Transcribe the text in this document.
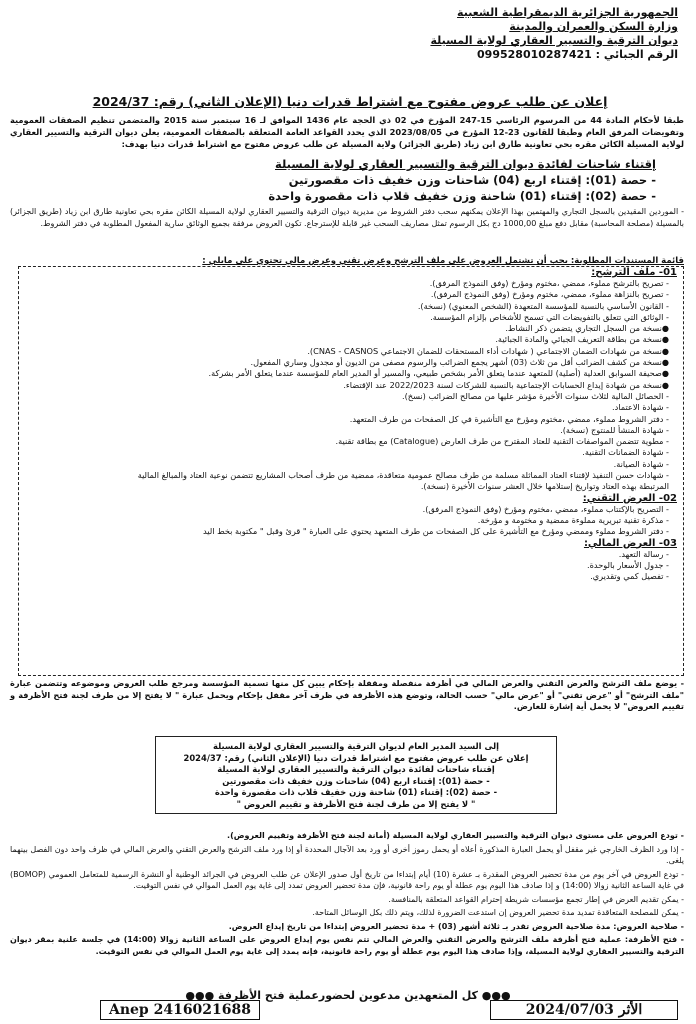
الجمهورية الجزائرية الديمقراطية الشعبية
وزارة السكن والعمران والمدينة
ديوان الترقية والتسيير العقاري لولاية المسيلة
الرقم الجبائي : 099528010287421
إعلان عن طلب عروض مفتوح مع اشتراط قدرات دنيا (الإعلان الثاني) رقم: 2024/37
طبقا لأحكام المادة 44 من المرسوم الرئاسي 15-247 المؤرخ في 02 ذي الحجة عام 1436 الموافق لـ 16 سبتمبر سنة 2015 والمتضمن تنظيم الصفقات العمومية وتفويضات المرفق العام وطبقا للقانون 23-12 المؤرخ في 2023/08/05 الذي يحدد القواعد العامة المتعلقة بالصفقات العمومية، يعلن ديوان الترقية والتسيير العقاري لولاية المسيلة الكائن مقره بحي تعاونية طارق ابن زياد (طريق الجزائر) ولاية المسيلة عن طلب عروض مفتوح مع اشتراط قدرات دنيا بهدف:
إقتناء شاحنات لفائدة ديوان الترقية والتسيير العقاري لولاية المسيلة
- حصة (01): إقتناء اربع (04) شاحنات وزن خفيف ذات مقصورتين
- حصة (02): إقتناء (01) شاحنة وزن خفيف قلاب ذات مقصورة واحدة
- الموردين المقيدين بالسجل التجاري والمهتمين بهذا الإعلان يمكنهم سحب دفتر الشروط من مديرية ديوان الترقية والتسيير العقاري لولاية المسيلة الكائن مقره بحي تعاونية طارق ابن زياد (طريق الجزائر) بالمسيلة (مصلحة المحاسبة) مقابل دفع مبلغ 1000,00 دج بكل الرسوم تمثل مصاريف السحب غير قابلة للإسترجاع. تكون العروض مرفقة بجميع الوثائق سارية المفعول المطلوبة في دفتر الشروط.
قائمة المستندات المطلوبة: يجب أن تشتمل العروض على ملف الترشح وعرض تقني وعرض مالي تحتوي على مايلي :
01- ملف الترشح:
- تصريح بالترشح مملوء، ممضي ،مختوم ومؤرخ (وفق النموذج المرفق).
- تصريح بالنزاهة مملوء، ممضي، مختوم ومؤرخ (وفق النموذج المرفق).
- القانون الأساسي بالنسبة للمؤسسة المتعهدة (الشخص المعنوي) (نسخة).
- الوثائق التي تتعلق بالتفويضات التي تسمح للأشخاص بإلزام المؤسسة.
●نسخة من السجل التجاري يتضمن ذكر النشاط.
●نسخة من بطاقة التعريف الجبائي والمادة الجبائية.
●نسخة من شهادات الضمان الاجتماعي ( شهادات أداء المستحقات للضمان الاجتماعي CNAS - CASNOS).
●نسخة من كشف الضرائب أقل من ثلاث (03) أشهر يجمع الضرائب والرسوم مصفى من الديون أو مجدول وساري المفعول.
●صحيفة السوابق العدلية (أصلية) للمتعهد عندما يتعلق الأمر بشخص طبيعي، والمسير أو المدير العام للمؤسسة عندما يتعلق الأمر بشركة.
●نسخة من شهادة إيداع الحسابات الإجتماعية بالنسبة للشركات لسنة 2022/2023 عند الإقتضاء.
- الحصائل المالية لثلاث سنوات الأخيرة مؤشر عليها من مصالح الضرائب (نسخ).
- شهادة الاعتماد.
- دفتر الشروط مملوء، ممضي ،مختوم ومؤرخ مع التأشيرة في كل الصفحات من طرف المتعهد.
- شهادة المنشأ للمنتوج (نسخة).
- مطوية تتضمن المواصفات التقنية للعتاد المقترح من طرف العارض (Catalogue) مع بطاقة تقنية.
- شهادة الضمانات التقنية.
- شهادة الصيانة.
- شهادات حسن التنفيذ لإقتناء العتاد المماثلة مسلمة من طرف مصالح عمومية متعاقدة، ممضية من طرف أصحاب المشاريع تتضمن نوعية العتاد والمبالغ المالية
المرتبطة بهذه العتاد وتواريخ إستلامها خلال العشر سنوات الأخيرة (نسخة).
02- العرض التقني:
- التصريح بالإكتتاب مملوء، ممضي ،مختوم ومؤرخ (وفق النموذج المرفق).
- مذكرة تقنية تبريرية مملوءة ممضية و مختومة و مؤرخة.
- دفتر الشروط مملوء وممضي ومؤرخ مع التأشيرة على كل الصفحات من طرف المتعهد يحتوي على العبارة " قرئ وقبل " مكتوبة بخط اليد
03- العرض المالي:
- رسالة التعهد.
- جدول الأسعار بالوحدة.
- تفصيل كمي وتقديري.
- يوضع ملف الترشح والعرض التقني والعرض المالي في أظرفة منفصلة ومقفلة بإحكام يبين كل منها تسمية المؤسسة ومرجع طلب العروض وموضوعه وتتضمن عبارة "ملف الترشح" أو "عرض تقني" أو "عرض مالي" حسب الحالة، وتوضع هذه الأظرفة في ظرف آخر مقفل بإحكام ويحمل عبارة " لا يفتح إلا من طرف لجنة فتح الأظرفة و تقييم العروض" لا يحمل أية إشارة للعارض.
إلى السيد المدير العام لديوان الترقية والتسيير العقاري لولاية المسيلة
إعلان عن طلب عروض مفتوح مع اشتراط قدرات دنيا (الإعلان الثاني) رقم: 2024/37
إقتناء شاحنات لفائدة ديوان الترقية والتسيير العقاري لولاية المسيلة
- حصة (01): إقتناء اربع (04) شاحنات وزن خفيف ذات مقصورتين
- حصة (02): إقتناء (01) شاحنة وزن خفيف قلاب ذات مقصورة واحدة
" لا يفتح إلا من طرف لجنة فتح الأظرفة و تقييم العروض "

- تودع العروض على مستوى ديوان الترقية والتسيير العقاري لولاية المسيلة (أمانة لجنة فتح الأظرفة وتقييم العروض).

- إذا ورد الظرف الخارجي غير مقفل أو يحمل العبارة المذكورة أعلاه أو يحمل رموز أخرى أو ورد بعد الآجال المحددة أو إذا ورد ملف الترشح والعرض التقني والعرض المالي في ظرف واحد دون الفصل بينهما يلغى.

- تودع العروض في آخر يوم من مدة تحضير العروض المقدرة بـ عشرة (10) أيام إبتداءا من تاريخ أول صدور الإعلان عن طلب العروض في الجرائد الوطنية أو النشرة الرسمية للمتعامل العمومي (BOMOP) في غاية الساعة الثانية زوالا (14:00) و إذا صادف هذا اليوم يوم عطلة أو يوم راحة قانونية، فإن مدة تحضير العروض تمدد إلى غاية يوم العمل الموالي في نفس التوقيت.

- يمكن تقديم العرض في إطار تجمع مؤسسات شريطة إحترام القواعد المتعلقة بالمنافسة.

- يمكن للمصلحة المتعاقدة تمديد مدة تحضير العروض إن استدعت الضرورة لذلك، ويتم ذلك بكل الوسائل المتاحة.

- صلاحية العروض: مدة صلاحية العروض تقدر بـ ثلاثة أشهر (03) + مدة تحضير العروض إبتداءا من تاريخ إيداع العروض.

- فتح الأظرفة: عملية فتح أظرفة ملف الترشح والعرض التقني والعرض المالي تتم نفس يوم إيداع العروض على الساعة الثانية زوالا (14:00) في جلسة علنية بمقر ديوان الترقية والتسيير العقاري لولاية المسيلة، وإذا صادف هذا اليوم يوم عطلة أو يوم راحة قانونية، فإنه يمدد إلى غاية يوم العمل الموالي في نفس التوقيت.

●●● كل المتعهدين مدعوين لحضورعملية فتح الأظرفة ●●●
Anep 2416021688	2024/07/03 الأثر
